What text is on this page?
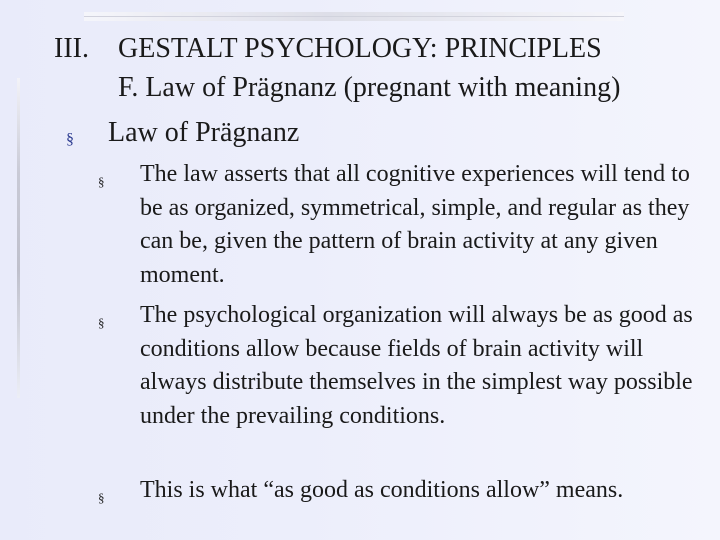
III. GESTALT PSYCHOLOGY: PRINCIPLES
F. Law of Prägnanz (pregnant with meaning)
§ Law of Prägnanz
§ The law asserts that all cognitive experiences will tend to be as organized, symmetrical, simple, and regular as they can be, given the pattern of brain activity at any given moment.
§ The psychological organization will always be as good as conditions allow because fields of brain activity will always distribute themselves in the simplest way possible under the prevailing conditions.
§ This is what “as good as conditions allow” means.
